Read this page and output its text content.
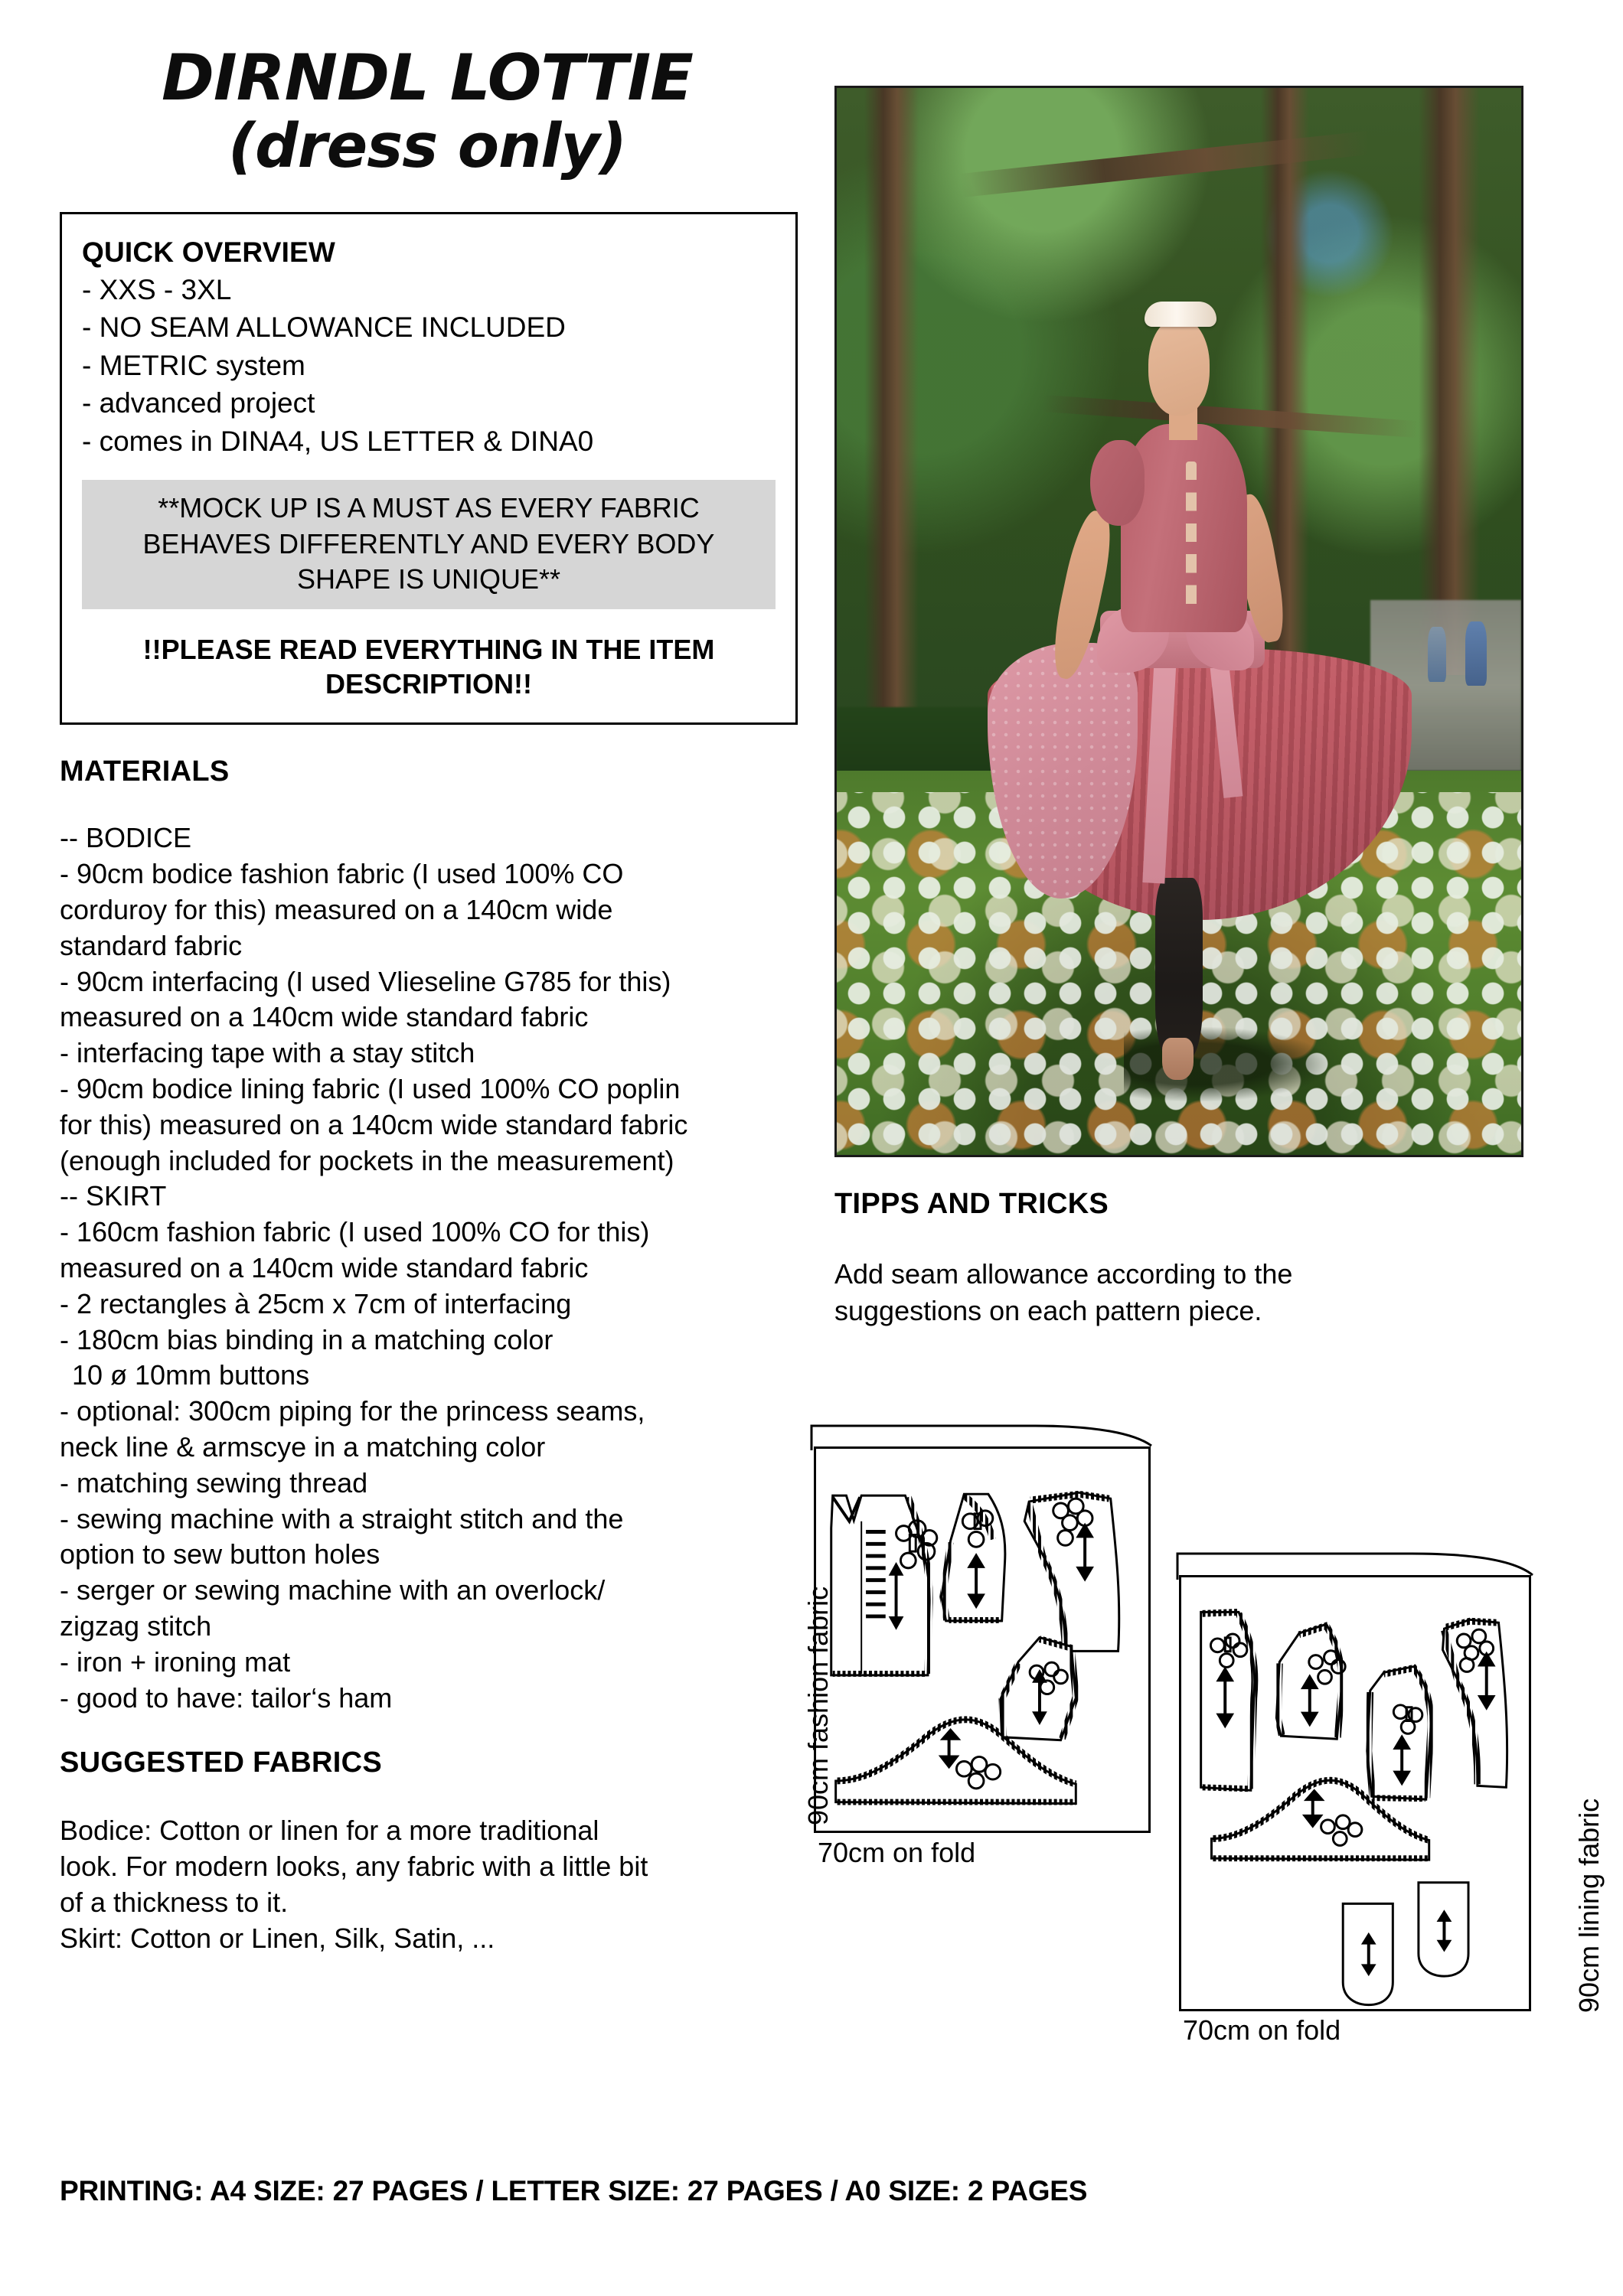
DIRNDL LOTTIE
(dress only)
QUICK OVERVIEW
- XXS - 3XL
- NO SEAM ALLOWANCE INCLUDED
- METRIC system
- advanced project
- comes in DINA4, US LETTER & DINA0
**MOCK UP IS A MUST AS EVERY FABRIC
BEHAVES DIFFERENTLY AND EVERY BODY
SHAPE IS UNIQUE**
!!PLEASE READ EVERYTHING IN THE ITEM
DESCRIPTION!!
MATERIALS
-- BODICE
- 90cm bodice fashion fabric (I used 100% CO
corduroy for this) measured on a 140cm wide
standard fabric
- 90cm interfacing (I used Vlieseline G785 for this)
measured on a 140cm wide standard fabric
- interfacing tape with a stay stitch
- 90cm bodice lining fabric (I used 100% CO poplin
for this) measured on a 140cm wide standard fabric
(enough included for pockets in the measurement)
-- SKIRT
- 160cm fashion fabric (I used 100% CO for this)
measured on a 140cm wide standard fabric
- 2 rectangles à 25cm x 7cm of interfacing
- 180cm bias binding in a matching color
10 ø 10mm buttons
- optional: 300cm piping for the princess seams,
neck line & armscye in a matching color
- matching sewing thread
- sewing machine with a straight stitch and the
option to sew button holes
- serger or sewing machine with an overlock/
zigzag stitch
- iron + ironing mat
- good to have: tailor‘s ham
SUGGESTED FABRICS
Bodice: Cotton or linen for a more traditional
look. For modern looks, any fabric with a little bit
of a thickness to it.
Skirt: Cotton or Linen, Silk, Satin, ...
PRINTING: A4 SIZE: 27 PAGES / LETTER SIZE: 27 PAGES / A0 SIZE: 2 PAGES
TIPPS AND TRICKS
Add seam allowance according to the
suggestions on each pattern piece.
90cm fashion fabric
70cm on fold	90cm lining fabric
70cm on fold
